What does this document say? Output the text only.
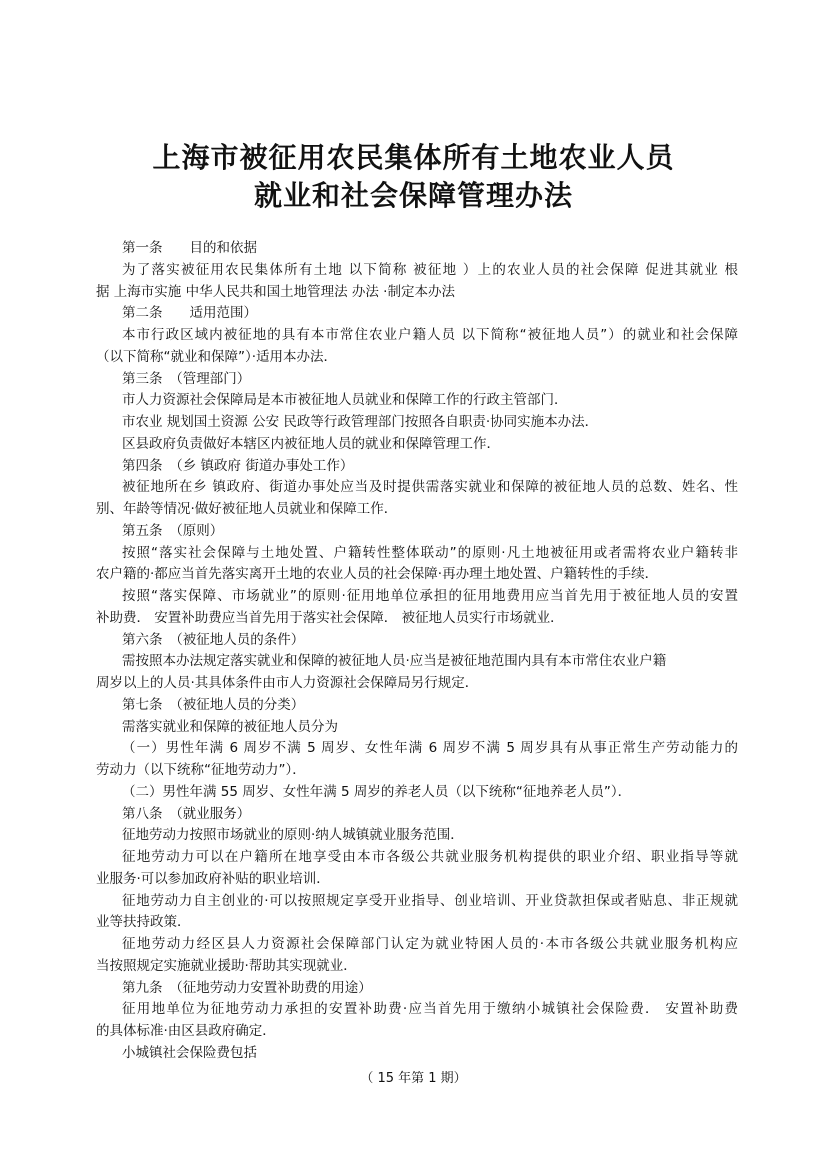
上海市被征用农民集体所有土地农业人员
就业和社会保障管理办法
第一条　　目的和依据
为了落实被征用农民集体所有土地 以下简称 被征地 ）上的农业人员的社会保障 促进其就业 根
据 上海市实施 中华人民共和国土地管理法 办法 ·制定本办法
第二条　　适用范围）
本市行政区域内被征地的具有本市常住农业户籍人员 以下简称“被征地人员”）的就业和社会保障
（以下简称“就业和保障”）·适用本办法．
第三条　（管理部门）
市人力资源社会保障局是本市被征地人员就业和保障工作的行政主管部门．
市农业 规划国土资源 公安 民政等行政管理部门按照各自职责·协同实施本办法．
区县政府负责做好本辖区内被征地人员的就业和保障管理工作．
第四条　（乡 镇政府 街道办事处工作）
被征地所在乡 镇政府、街道办事处应当及时提供需落实就业和保障的被征地人员的总数、姓名、性
别、年龄等情况·做好被征地人员就业和保障工作．
第五条　（原则）
按照“落实社会保障与土地处置、户籍转性整体联动”的原则·凡土地被征用或者需将农业户籍转非
农户籍的·都应当首先落实离开土地的农业人员的社会保障·再办理土地处置、户籍转性的手续．
按照“落实保障、市场就业”的原则·征用地单位承担的征用地费用应当首先用于被征地人员的安置
补助费． 安置补助费应当首先用于落实社会保障． 被征地人员实行市场就业．
第六条　（被征地人员的条件）
需按照本办法规定落实就业和保障的被征地人员·应当是被征地范围内具有本市常住农业户籍
周岁以上的人员·其具体条件由市人力资源社会保障局另行规定．
第七条　（被征地人员的分类）
需落实就业和保障的被征地人员分为
（一）男性年满 6 周岁不满 5 周岁、女性年满 6 周岁不满 5 周岁具有从事正常生产劳动能力的
劳动力（以下统称“征地劳动力”）．
（二）男性年满 55 周岁、女性年满 5 周岁的养老人员（以下统称“征地养老人员”）．
第八条　（就业服务）
征地劳动力按照市场就业的原则·纳人城镇就业服务范围．
征地劳动力可以在户籍所在地享受由本市各级公共就业服务机构提供的职业介绍、职业指导等就
业服务·可以参加政府补贴的职业培训．
征地劳动力自主创业的·可以按照规定享受开业指导、创业培训、开业贷款担保或者贴息、非正规就
业等扶持政策．
征地劳动力经区县人力资源社会保障部门认定为就业特困人员的·本市各级公共就业服务机构应
当按照规定实施就业援助·帮助其实现就业．
第九条　（征地劳动力安置补助费的用途）
征用地单位为征地劳动力承担的安置补助费·应当首先用于缴纳小城镇社会保险费． 安置补助费
的具体标准·由区县政府确定．
小城镇社会保险费包括
（ 15 年第 1 期）
